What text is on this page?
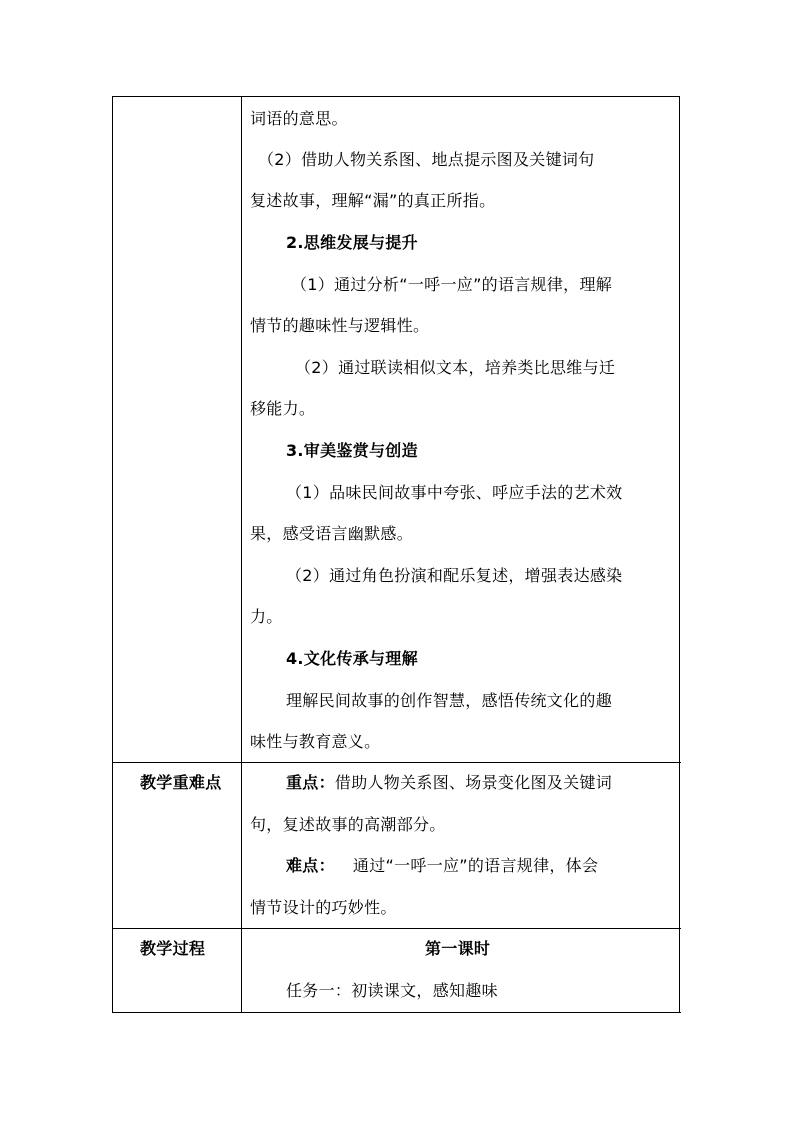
词语的意思。
（2）借助人物关系图、地点提示图及关键词句
复述故事，理解“漏”的真正所指。
2.思维发展与提升
（1）通过分析“一呼一应”的语言规律，理解
情节的趣味性与逻辑性。
（2）通过联读相似文本，培养类比思维与迁
移能力。
3.审美鉴赏与创造
（1）品味民间故事中夸张、呼应手法的艺术效
果，感受语言幽默感。
（2）通过角色扮演和配乐复述，增强表达感染
力。
4.文化传承与理解
理解民间故事的创作智慧，感悟传统文化的趣
味性与教育意义。
教学重难点	重点：借助人物关系图、场景变化图及关键词
句，复述故事的高潮部分。
难点： 通过“一呼一应”的语言规律，体会
情节设计的巧妙性。
教学过程	第一课时
任务一：初读课文，感知趣味
